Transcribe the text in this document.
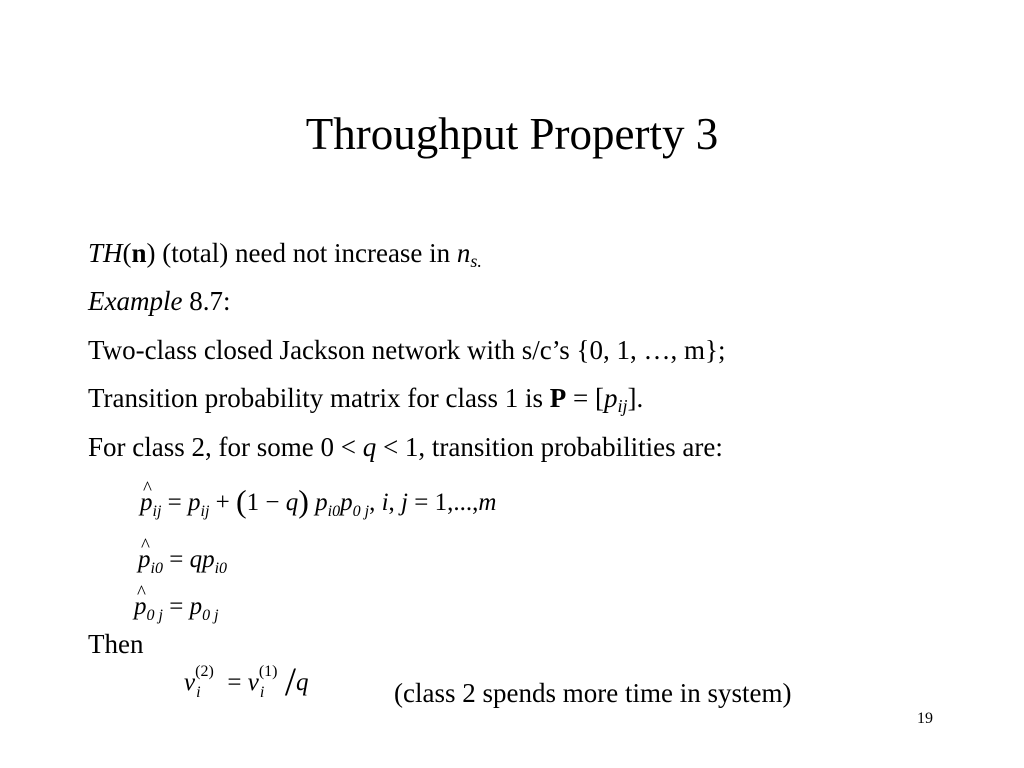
Throughput Property 3
TH(n) (total) need not increase in $n_{s.}$
Example 8.7:
Two-class closed Jackson network with s/c’s {0, 1, …, m};
Transition probability matrix for class 1 is $P = [p_{ij}]$.
For class 2, for some 0 < q < 1, transition probabilities are:
^ $p_{ij} = p_{ij} + (1 - q)$ $p_{i0}p_{0 j}$, i, j = 1,...,m
^ $p_{i0} = qp_{i0}$
^ $p_{0 j} = p_{0 j}$
Then
v (2)
i = v (1)
i /q	(class 2 spends more time in system)
19
